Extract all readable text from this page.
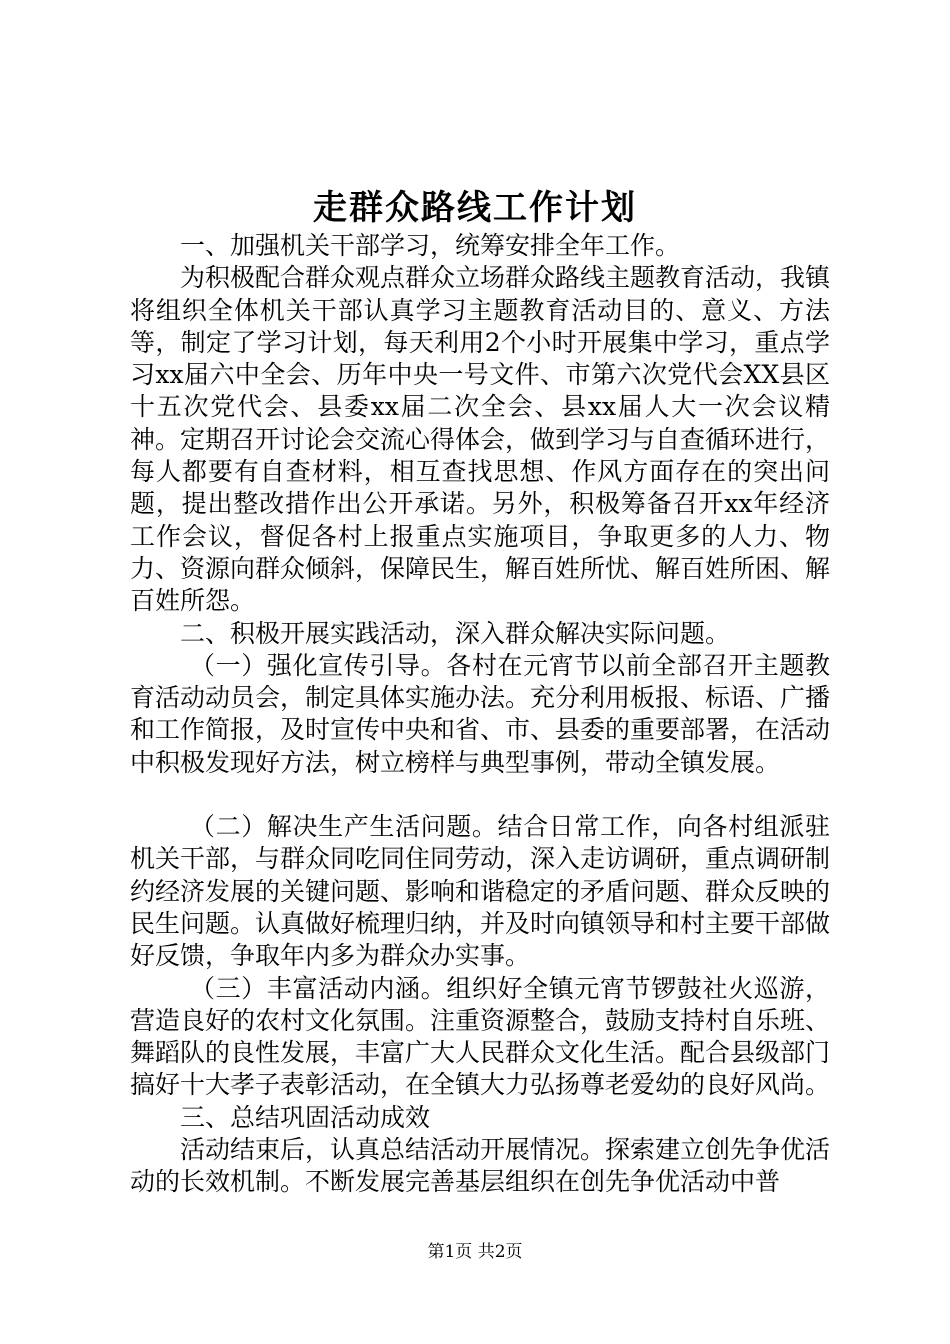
走群众路线工作计划

一、加强机关干部学习，统筹安排全年工作。

为积极配合群众观点群众立场群众路线主题教育活动，我镇将组织全体机关干部认真学习主题教育活动目的、意义、方法等，制定了学习计划，每天利用2个小时开展集中学习，重点学习xx届六中全会、历年中央一号文件、市第六次党代会XX县区十五次党代会、县委xx届二次全会、县xx届人大一次会议精神。定期召开讨论会交流心得体会，做到学习与自查循环进行，每人都要有自查材料，相互查找思想、作风方面存在的突出问题，提出整改措作出公开承诺。另外，积极筹备召开xx年经济工作会议，督促各村上报重点实施项目，争取更多的人力、物力、资源向群众倾斜，保障民生，解百姓所忧、解百姓所困、解百姓所怨。

二、积极开展实践活动，深入群众解决实际问题。

（一）强化宣传引导。各村在元宵节以前全部召开主题教育活动动员会，制定具体实施办法。充分利用板报、标语、广播和工作简报，及时宣传中央和省、市、县委的重要部署，在活动中积极发现好方法，树立榜样与典型事例，带动全镇发展。

（二）解决生产生活问题。结合日常工作，向各村组派驻机关干部，与群众同吃同住同劳动，深入走访调研，重点调研制约经济发展的关键问题、影响和谐稳定的矛盾问题、群众反映的民生问题。认真做好梳理归纳，并及时向镇领导和村主要干部做好反馈，争取年内多为群众办实事。

（三）丰富活动内涵。组织好全镇元宵节锣鼓社火巡游，营造良好的农村文化氛围。注重资源整合，鼓励支持村自乐班、舞蹈队的良性发展，丰富广大人民群众文化生活。配合县级部门搞好十大孝子表彰活动，在全镇大力弘扬尊老爱幼的良好风尚。

三、总结巩固活动成效

活动结束后，认真总结活动开展情况。探索建立创先争优活动的长效机制。不断发展完善基层组织在创先争优活动中普

第1页 共2页
